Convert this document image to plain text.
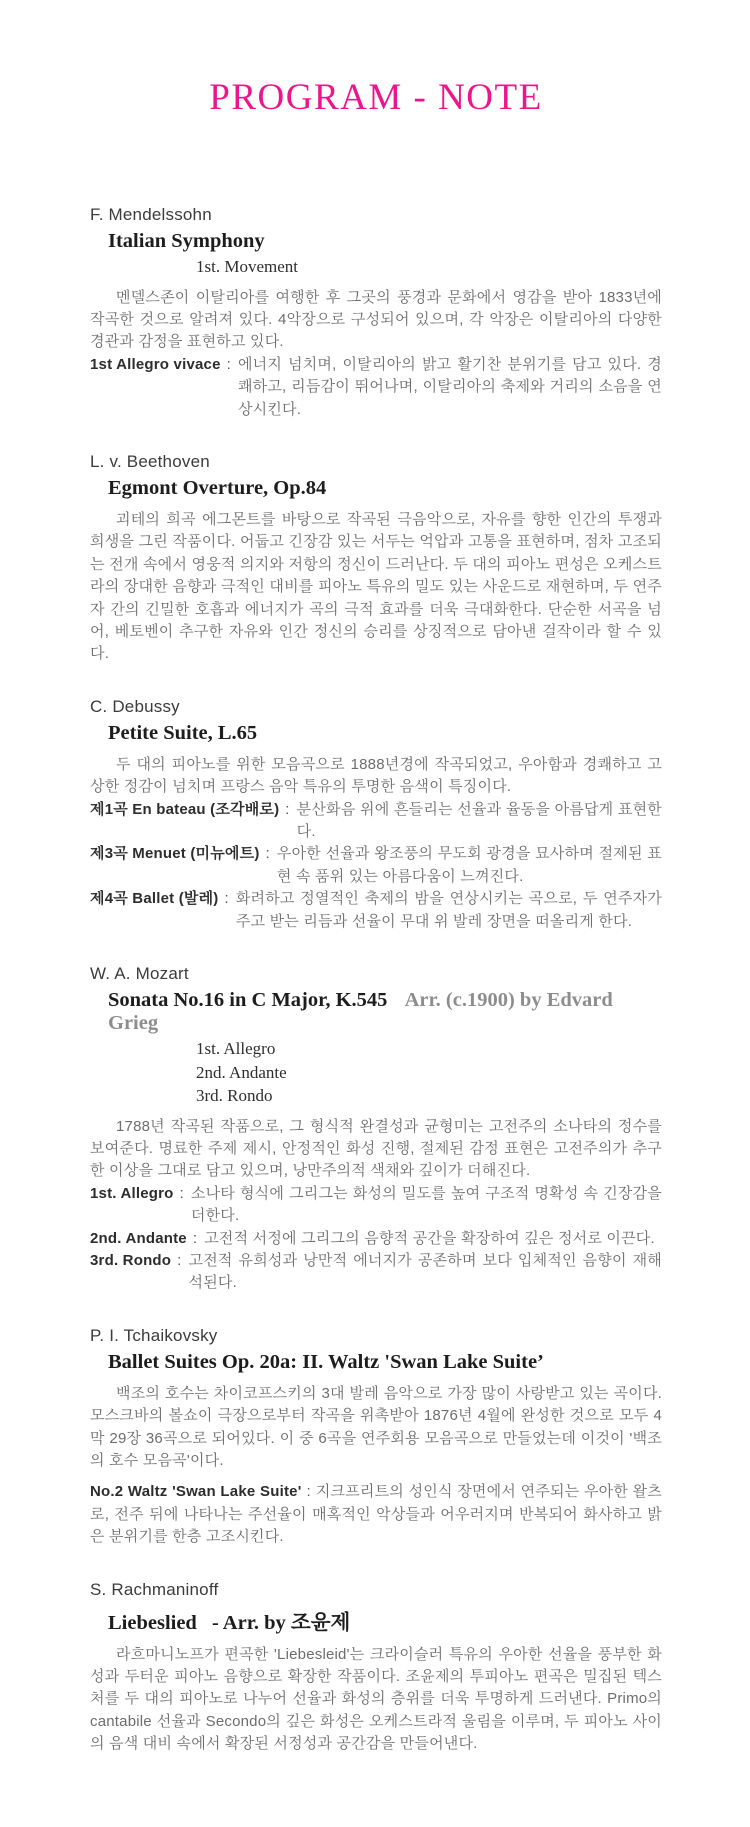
PROGRAM - NOTE
F. Mendelssohn
Italian Symphony
1st. Movement

멘델스존이 이탈리아를 여행한 후 그곳의 풍경과 문화에서 영감을 받아 1833년에 작곡한 것으로 알려져 있다. 4악장으로 구성되어 있으며, 각 악장은 이탈리아의 다양한 경관과 감정을 표현하고 있다.

1st Allegro vivace : 에너지 넘치며, 이탈리아의 밝고 활기찬 분위기를 담고 있다. 경쾌하고, 리듬감이 뛰어나며, 이탈리아의 축제와 거리의 소음을 연상시킨다.
L. v. Beethoven
Egmont Overture, Op.84

괴테의 희곡 에그몬트를 바탕으로 작곡된 극음악으로, 자유를 향한 인간의 투쟁과 희생을 그린 작품이다. 어둡고 긴장감 있는 서두는 억압과 고통을 표현하며, 점차 고조되는 전개 속에서 영웅적 의지와 저항의 정신이 드러난다. 두 대의 피아노 편성은 오케스트라의 장대한 음향과 극적인 대비를 피아노 특유의 밀도 있는 사운드로 재현하며, 두 연주자 간의 긴밀한 호흡과 에너지가 곡의 극적 효과를 더욱 극대화한다. 단순한 서곡을 넘어, 베토벤이 추구한 자유와 인간 정신의 승리를 상징적으로 담아낸 걸작이라 할 수 있다.

C. Debussy
Petite Suite, L.65

두 대의 피아노를 위한 모음곡으로 1888년경에 작곡되었고, 우아함과 경쾌하고 고상한 정감이 넘치며 프랑스 음악 특유의 투명한 음색이 특징이다.

제1곡 En bateau (조각배로) : 분산화음 위에 흔들리는 선율과 율동을 아름답게 표현한다.
제3곡 Menuet (미뉴에트) : 우아한 선율과 왕조풍의 무도회 광경을 묘사하며 절제된 표현 속 품위 있는 아름다움이 느껴진다.
제4곡 Ballet (발레) : 화려하고 정열적인 축제의 밤을 연상시키는 곡으로, 두 연주자가 주고 받는 리듬과 선율이 무대 위 발레 장면을 떠올리게 한다.
W. A. Mozart
Sonata No.16 in C Major, K.545 Arr. (c.1900) by Edvard Grieg
1st. Allegro
2nd. Andante
3rd. Rondo

1788년 작곡된 작품으로, 그 형식적 완결성과 균형미는 고전주의 소나타의 정수를 보여준다. 명료한 주제 제시, 안정적인 화성 진행, 절제된 감정 표현은 고전주의가 추구한 이상을 그대로 담고 있으며, 낭만주의적 색채와 깊이가 더해진다.

1st. Allegro : 소나타 형식에 그리그는 화성의 밀도를 높여 구조적 명확성 속 긴장감을 더한다.
2nd. Andante : 고전적 서정에 그리그의 음향적 공간을 확장하여 깊은 정서로 이끈다.
3rd. Rondo : 고전적 유희성과 낭만적 에너지가 공존하며 보다 입체적인 음향이 재해석된다.
P. I. Tchaikovsky
Ballet Suites Op. 20a: II. Waltz 'Swan Lake Suite’

백조의 호수는 차이코프스키의 3대 발레 음악으로 가장 많이 사랑받고 있는 곡이다. 모스크바의 볼쇼이 극장으로부터 작곡을 위촉받아 1876년 4월에 완성한 것으로 모두 4막 29장 36곡으로 되어있다. 이 중 6곡을 연주회용 모음곡으로 만들었는데 이것이 '백조의 호수 모음곡'이다.

No.2 Waltz 'Swan Lake Suite' : 지크프리트의 성인식 장면에서 연주되는 우아한 왈츠로, 전주 뒤에 나타나는 주선율이 매혹적인 악상들과 어우러지며 반복되어 화사하고 밝은 분위기를 한층 고조시킨다.

S. Rachmaninoff
Liebeslied - Arr. by 조윤제

라흐마니노프가 편곡한 'Liebesleid'는 크라이슬러 특유의 우아한 선율을 풍부한 화성과 두터운 피아노 음향으로 확장한 작품이다. 조윤제의 투피아노 편곡은 밀집된 텍스처를 두 대의 피아노로 나누어 선율과 화성의 층위를 더욱 투명하게 드러낸다. Primo의 cantabile 선율과 Secondo의 깊은 화성은 오케스트라적 울림을 이루며, 두 피아노 사이의 음색 대비 속에서 확장된 서정성과 공간감을 만들어낸다.
